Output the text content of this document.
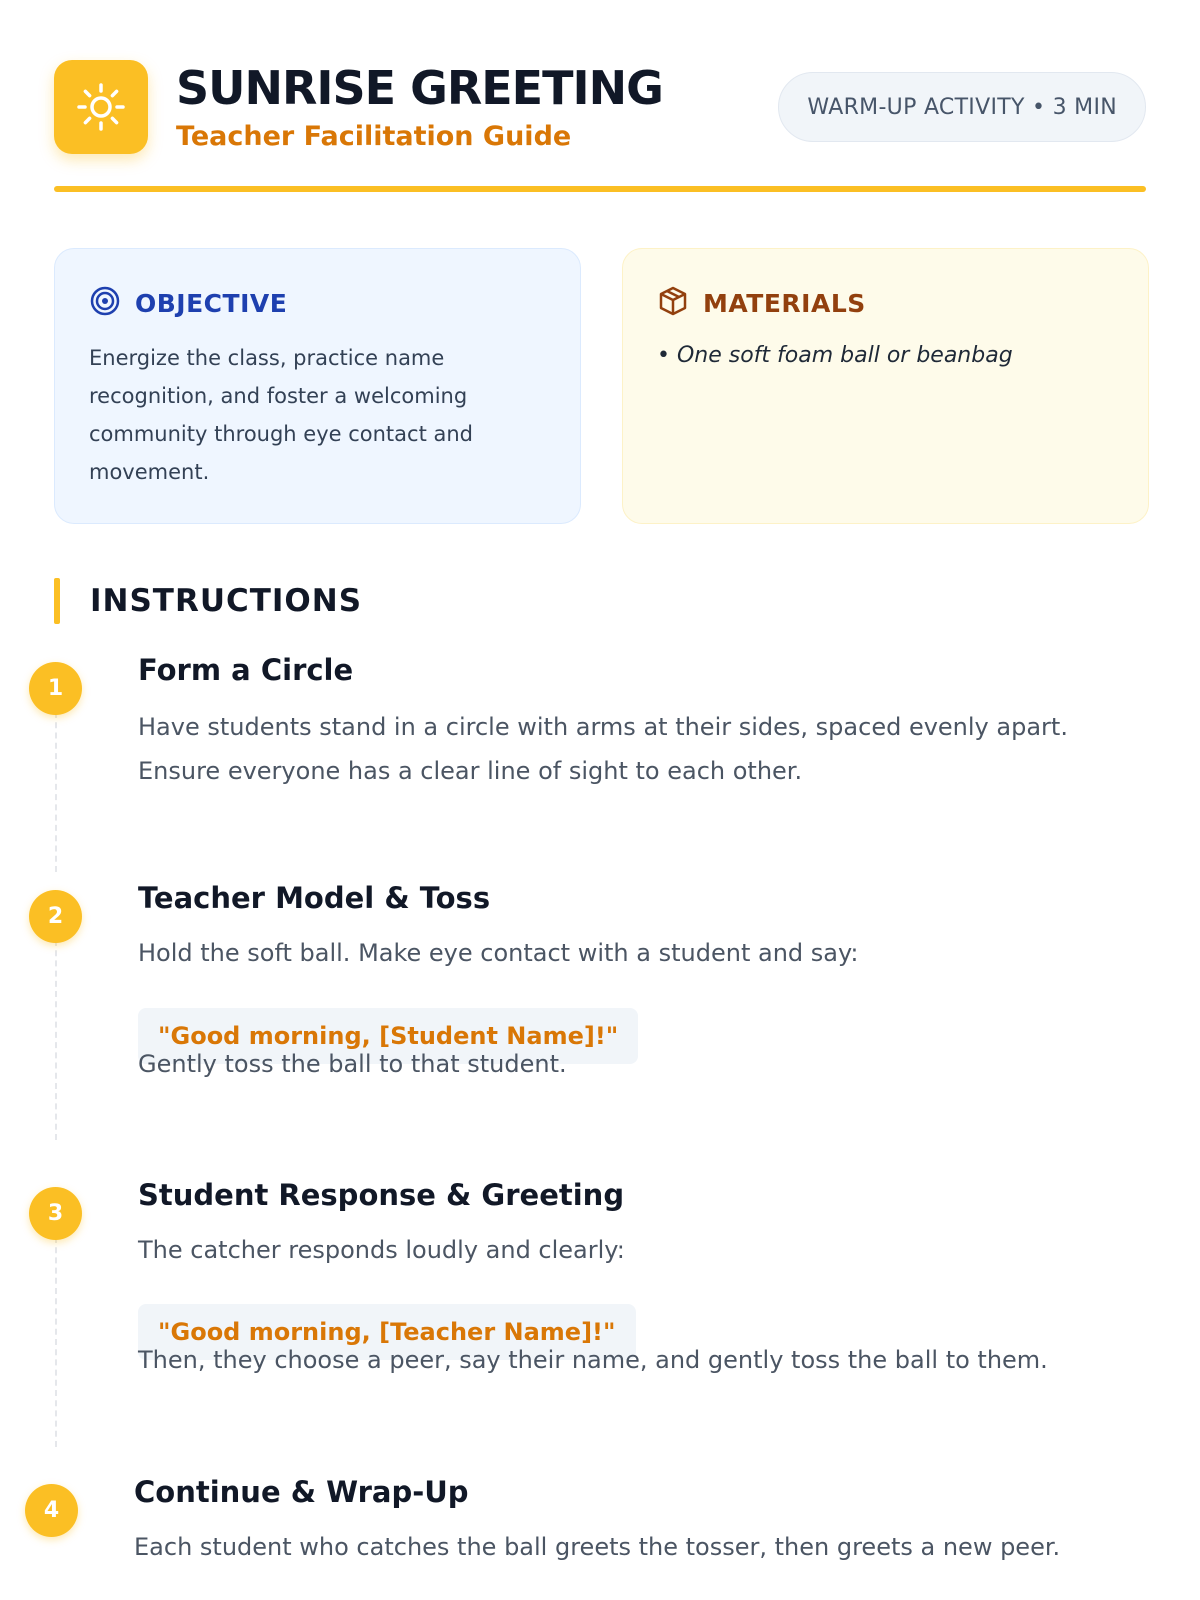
SUNRISE GREETING
Teacher Facilitation Guide
WARM-UP ACTIVITY • 3 MIN
OBJECTIVE
Energize the class, practice name recognition, and foster a welcoming community through eye contact and movement.
MATERIALS
• One soft foam ball or beanbag
INSTRUCTIONS
1
Form a Circle
Have students stand in a circle with arms at their sides, spaced evenly apart. Ensure everyone has a clear line of sight to each other.
2
Teacher Model & Toss
Hold the soft ball. Make eye contact with a student and say:
"Good morning, [Student Name]!"
Gently toss the ball to that student.
3
Student Response & Greeting
The catcher responds loudly and clearly:
"Good morning, [Teacher Name]!"
Then, they choose a peer, say their name, and gently toss the ball to them.
4
Continue & Wrap-Up
Each student who catches the ball greets the tosser, then greets a new peer.
